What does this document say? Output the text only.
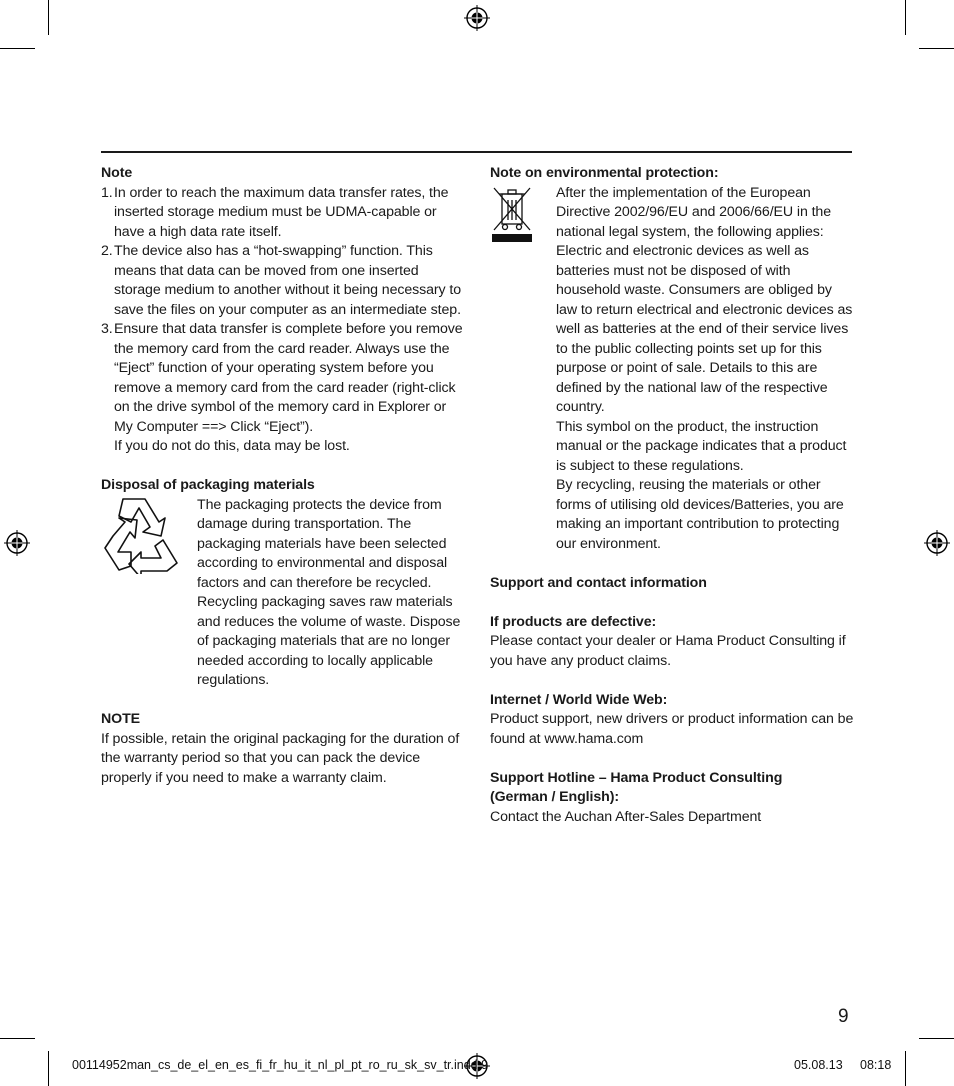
Note

1. In order to reach the maximum data transfer rates, the inserted storage medium must be UDMA-capable or have a high data rate itself.
2. The device also has a “hot-swapping” function. This means that data can be moved from one inserted storage medium to another without it being necessary to save the files on your computer as an intermediate step.
3. Ensure that data transfer is complete before you remove the memory card from the card reader. Always use the “Eject” function of your operating system before you remove a memory card from the card reader (right-click on the drive symbol of the memory card in Explorer or My Computer ==> Click “Eject”).
If you do not do this, data may be lost.

Disposal of packaging materials

The packaging protects the device from damage during transportation. The packaging materials have been selected according to environmental and disposal factors and can therefore be recycled. Recycling packaging saves raw materials and reduces the volume of waste. Dispose of packaging materials that are no longer needed according to locally applicable regulations.

NOTE

If possible, retain the original packaging for the duration of the warranty period so that you can pack the device properly if you need to make a warranty claim.

Note on environmental protection:

After the implementation of the European Directive 2002/96/EU and 2006/66/EU in the national legal system, the following applies: Electric and electronic devices as well as batteries must not be disposed of with household waste. Consumers are obliged by law to return electrical and electronic devices as well as batteries at the end of their service lives to the public collecting points set up for this purpose or point of sale. Details to this are defined by the national law of the respective country.

This symbol on the product, the instruction manual or the package indicates that a product is subject to these regulations.

By recycling, reusing the materials or other forms of utilising old devices/Batteries, you are making an important contribution to protecting our environment.

Support and contact information

If products are defective:

Please contact your dealer or Hama Product Consulting if you have any product claims.

Internet / World Wide Web:

Product support, new drivers or product information can be found at www.hama.com

Support Hotline – Hama Product Consulting

(German / English):

Contact the Auchan After-Sales Department

9
00114952man_cs_de_el_en_es_fi_fr_hu_it_nl_pl_pt_ro_ru_sk_sv_tr.indd 9	05.08.13 08:18
